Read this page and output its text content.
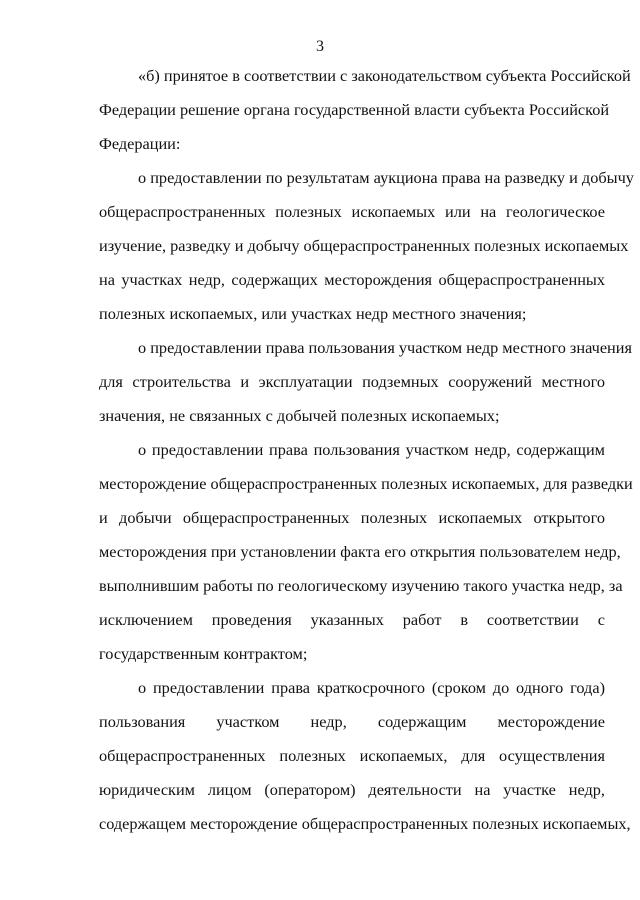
3

«б) принятое в соответствии с законодательством субъекта Российской
Федерации решение органа государственной власти субъекта Российской
Федерации:

о предоставлении по результатам аукциона права на разведку и добычу
общераспространенных полезных ископаемых или на геологическое
изучение, разведку и добычу общераспространенных полезных ископаемых
на участках недр, содержащих месторождения общераспространенных
полезных ископаемых, или участках недр местного значения;

о предоставлении права пользования участком недр местного значения
для строительства и эксплуатации подземных сооружений местного
значения, не связанных с добычей полезных ископаемых;

о предоставлении права пользования участком недр, содержащим
месторождение общераспространенных полезных ископаемых, для разведки
и добычи общераспространенных полезных ископаемых открытого
месторождения при установлении факта его открытия пользователем недр,
выполнившим работы по геологическому изучению такого участка недр, за
исключением проведения указанных работ в соответствии с
государственным контрактом;

о предоставлении права краткосрочного (сроком до одного года)
пользования участком недр, содержащим месторождение
общераспространенных полезных ископаемых, для осуществления
юридическим лицом (оператором) деятельности на участке недр,
содержащем месторождение общераспространенных полезных ископаемых,
